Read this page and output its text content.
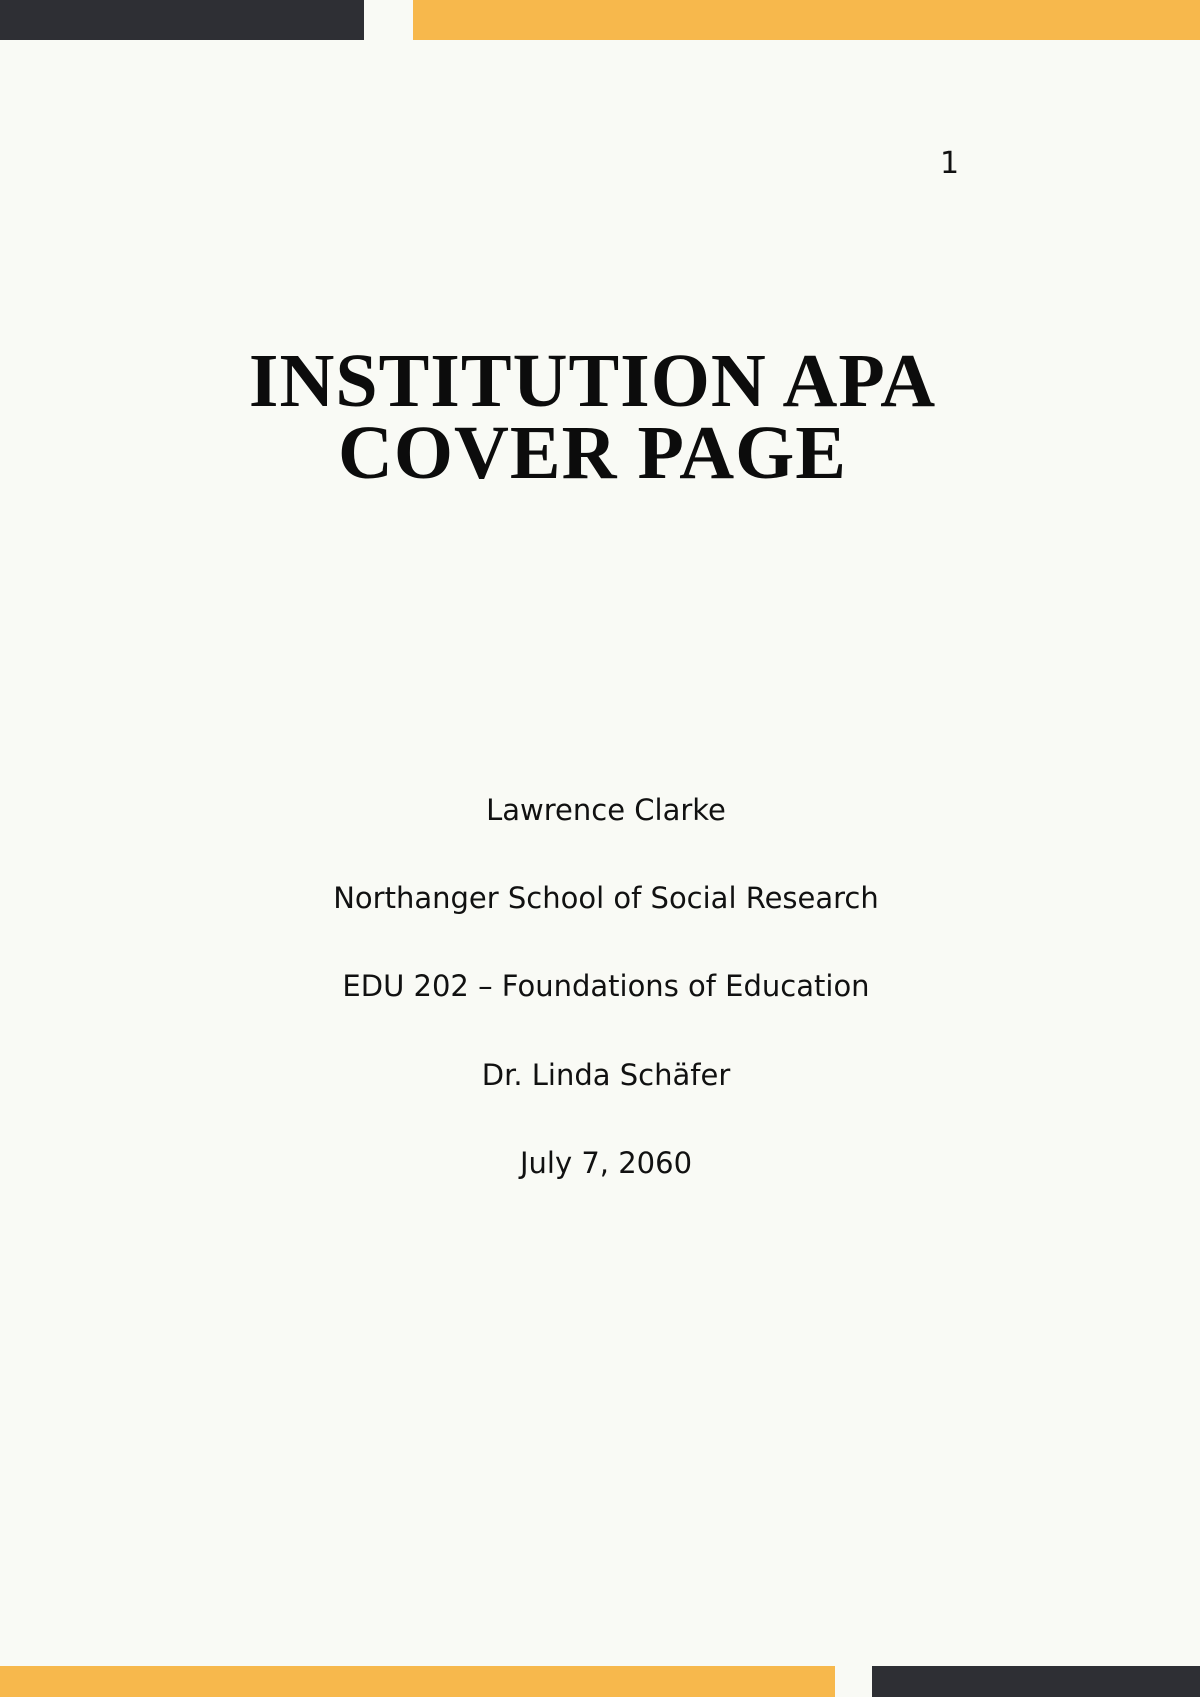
1
INSTITUTION APA
COVER PAGE
Lawrence Clarke
Northanger School of Social Research
EDU 202 – Foundations of Education
Dr. Linda Schäfer
July 7, 2060
